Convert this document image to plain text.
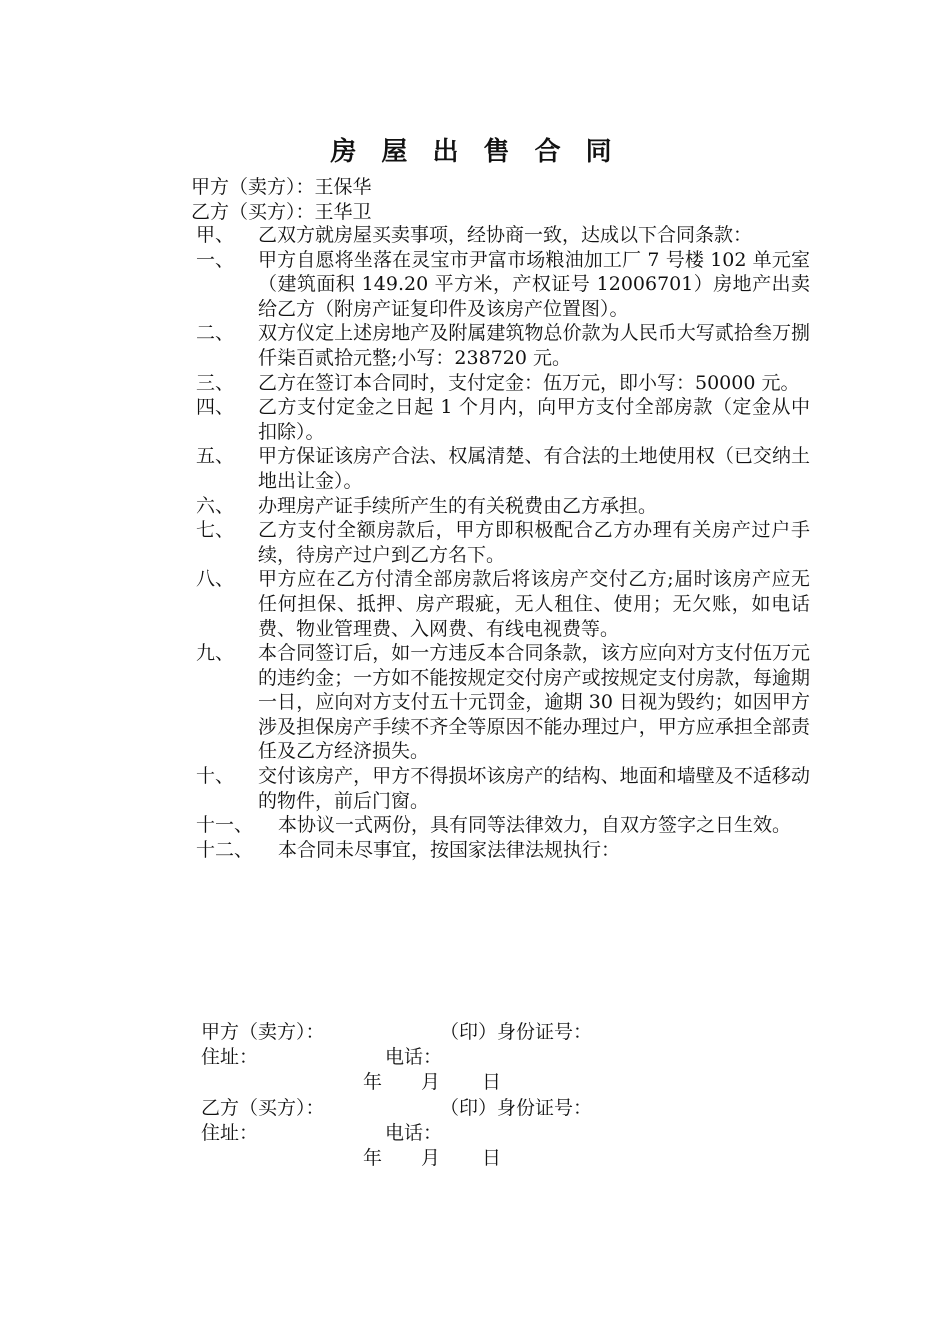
房 屋 出 售 合 同
甲方（卖方）：王保华
乙方（买方）：王华卫
甲、	乙双方就房屋买卖事项，经协商一致，达成以下合同条款：
一、	甲方自愿将坐落在灵宝市尹富市场粮油加工厂 7 号楼 102 单元室（建筑面积 149.20 平方米，产权证号 12006701）房地产出卖给乙方（附房产证复印件及该房产位置图）。
二、	双方仪定上述房地产及附属建筑物总价款为人民币大写贰拾叁万捌仟柒百贰拾元整;小写：238720 元。
三、	乙方在签订本合同时，支付定金：伍万元，即小写：50000 元。
四、	乙方支付定金之日起 1 个月内，向甲方支付全部房款（定金从中扣除）。
五、	甲方保证该房产合法、权属清楚、有合法的土地使用权（已交纳土地出让金）。
六、	办理房产证手续所产生的有关税费由乙方承担。
七、	乙方支付全额房款后，甲方即积极配合乙方办理有关房产过户手续，待房产过户到乙方名下。
八、	甲方应在乙方付清全部房款后将该房产交付乙方;届时该房产应无任何担保、抵押、房产瑕疵，无人租住、使用；无欠账，如电话费、物业管理费、入网费、有线电视费等。
九、	本合同签订后，如一方违反本合同条款，该方应向对方支付伍万元的违约金；一方如不能按规定交付房产或按规定支付房款，每逾期一日，应向对方支付五十元罚金，逾期 30 日视为毁约；如因甲方涉及担保房产手续不齐全等原因不能办理过户，甲方应承担全部责任及乙方经济损失。
十、	交付该房产，甲方不得损坏该房产的结构、地面和墙壁及不适移动的物件，前后门窗。
十一、	本协议一式两份，具有同等法律效力，自双方签字之日生效。
十二、	本合同未尽事宜，按国家法律法规执行：
甲方（卖方）：	（印）身份证号：
住址：	电话：
年 月 日
乙方（买方）：	（印）身份证号：
住址：	电话：
年 月 日
